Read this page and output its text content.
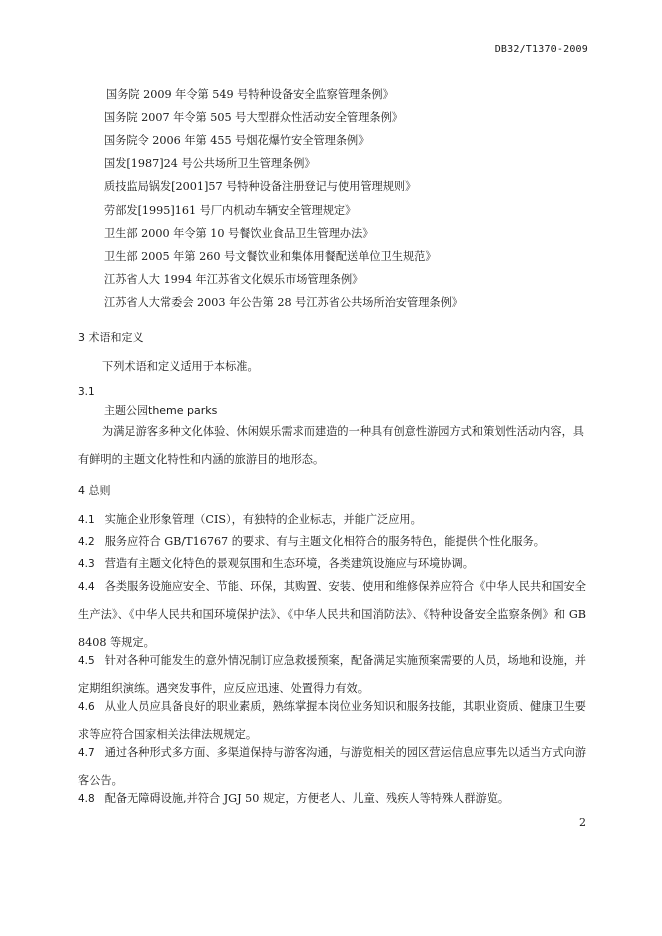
DB32/T1370-2009
国务院 2009 年令第 549 号特种设备安全监察管理条例》
国务院 2007 年令第 505 号大型群众性活动安全管理条例》
国务院令 2006 年第 455 号烟花爆竹安全管理条例》
国发[1987]24 号公共场所卫生管理条例》
质技监局锅发[2001]57 号特种设备注册登记与使用管理规则》
劳部发[1995]161 号厂内机动车辆安全管理规定》
卫生部 2000 年令第 10 号餐饮业食品卫生管理办法》
卫生部 2005 年第 260 号文餐饮业和集体用餐配送单位卫生规范》
江苏省人大 1994 年江苏省文化娱乐市场管理条例》
江苏省人大常委会 2003 年公告第 28 号江苏省公共场所治安管理条例》
3 术语和定义
下列术语和定义适用于本标准。
3.1
主题公园theme parks
为满足游客多种文化体验、休闲娱乐需求而建造的一种具有创意性游园方式和策划性活动内容，具有鲜明的主题文化特性和内涵的旅游目的地形态。
4 总则
4.1 实施企业形象管理（CIS），有独特的企业标志，并能广泛应用。
4.2 服务应符合 GB/T16767 的要求、有与主题文化相符合的服务特色，能提供个性化服务。
4.3 营造有主题文化特色的景观氛围和生态环境，各类建筑设施应与环境协调。
4.4 各类服务设施应安全、节能、环保，其购置、安装、使用和维修保养应符合《中华人民共和国安全生产法》、《中华人民共和国环境保护法》、《中华人民共和国消防法》、《特种设备安全监察条例》和 GB 8408 等规定。
4.5 针对各种可能发生的意外情况制订应急救援预案，配备满足实施预案需要的人员，场地和设施，并定期组织演练。遇突发事件，应反应迅速、处置得力有效。
4.6 从业人员应具备良好的职业素质，熟练掌握本岗位业务知识和服务技能，其职业资质、健康卫生要求等应符合国家相关法律法规规定。
4.7 通过各种形式多方面、多渠道保持与游客沟通，与游览相关的园区营运信息应事先以适当方式向游客公告。
4.8 配备无障碍设施,并符合 JGJ 50 规定，方便老人、儿童、残疾人等特殊人群游览。
2
